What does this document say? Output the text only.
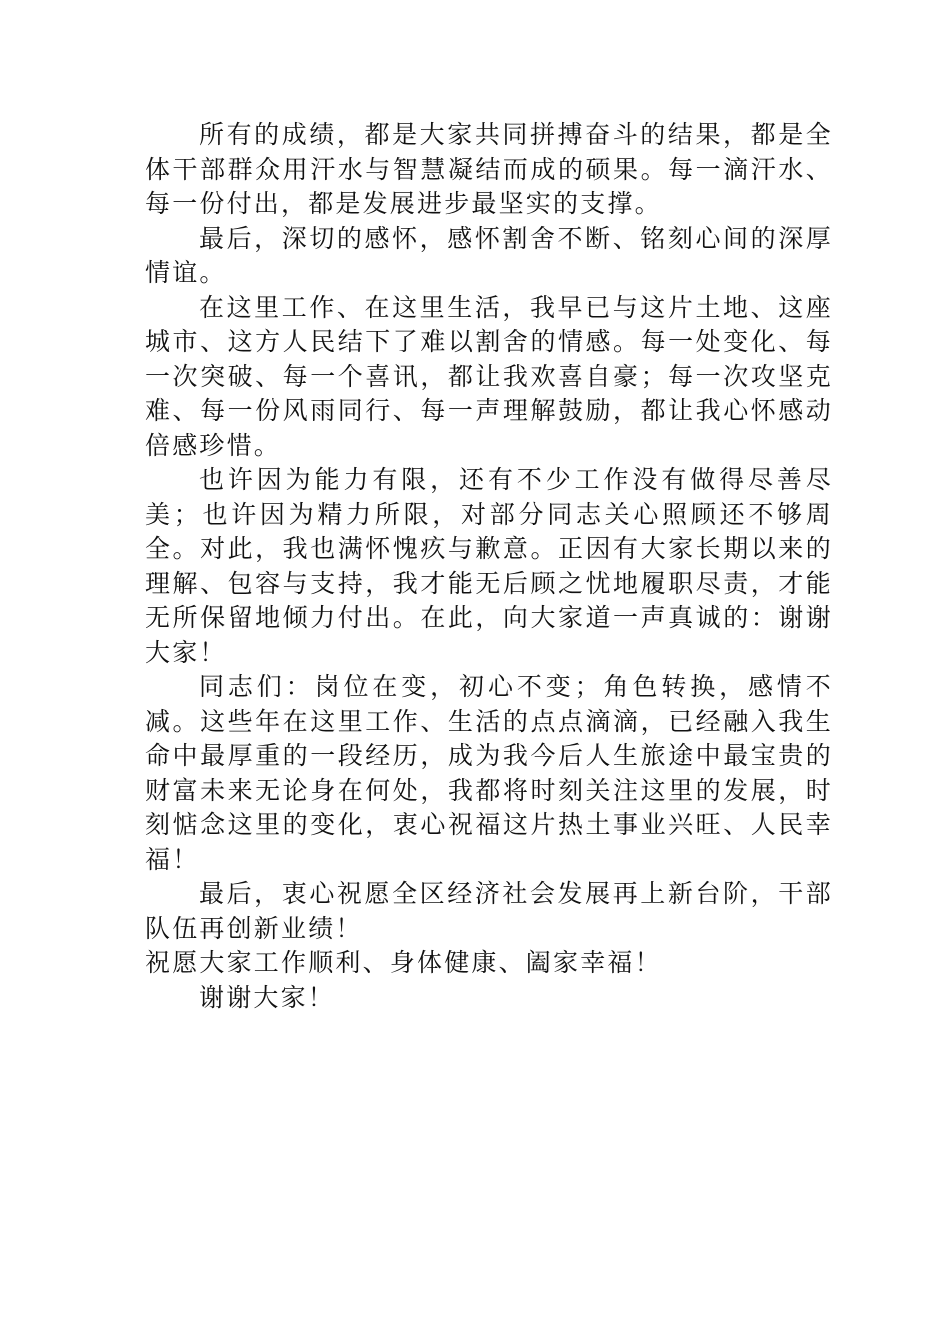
所有的成绩，都是大家共同拼搏奋斗的结果，都是全体干部群众用汗水与智慧凝结而成的硕果。每一滴汗水、每一份付出，都是发展进步最坚实的支撑。

最后，深切的感怀，感怀割舍不断、铭刻心间的深厚情谊。

在这里工作、在这里生活，我早已与这片土地、这座城市、这方人民结下了难以割舍的情感。每一处变化、每一次突破、每一个喜讯，都让我欢喜自豪；每一次攻坚克难、每一份风雨同行、每一声理解鼓励，都让我心怀感动倍感珍惜。

也许因为能力有限，还有不少工作没有做得尽善尽美；也许因为精力所限，对部分同志关心照顾还不够周全。对此，我也满怀愧疚与歉意。正因有大家长期以来的理解、包容与支持，我才能无后顾之忧地履职尽责，才能无所保留地倾力付出。在此，向大家道一声真诚的：谢谢大家！

同志们：岗位在变，初心不变；角色转换，感情不减。这些年在这里工作、生活的点点滴滴，已经融入我生命中最厚重的一段经历，成为我今后人生旅途中最宝贵的财富未来无论身在何处，我都将时刻关注这里的发展，时刻惦念这里的变化，衷心祝福这片热土事业兴旺、人民幸福！

最后，衷心祝愿全区经济社会发展再上新台阶，干部队伍再创新业绩！

祝愿大家工作顺利、身体健康、阖家幸福！

谢谢大家！
